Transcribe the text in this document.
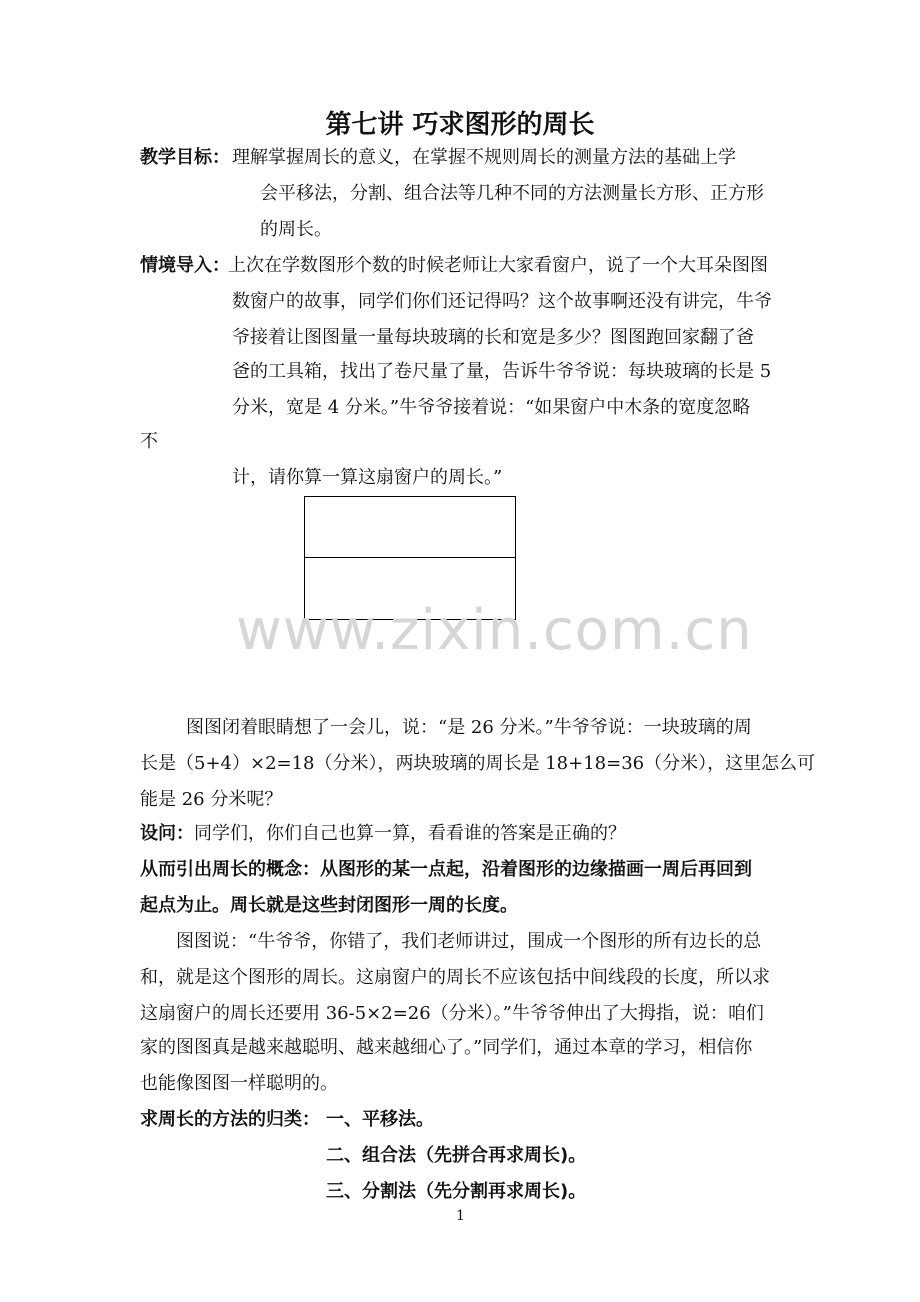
第七讲 巧求图形的周长
教学目标： 理解掌握周长的意义，在掌握不规则周长的测量方法的基础上学
会平移法，分割、组合法等几种不同的方法测量长方形、正方形
的周长。
情境导入：
上次在学数图形个数的时候老师让大家看窗户，说了一个大耳朵图图
数窗户的故事，同学们你们还记得吗？这个故事啊还没有讲完，牛爷
爷接着让图图量一量每块玻璃的长和宽是多少？图图跑回家翻了爸
爸的工具箱，找出了卷尺量了量，告诉牛爷爷说：每块玻璃的长是 5
分米，宽是 4 分米。”牛爷爷接着说：“如果窗户中木条的宽度忽略
不
计，请你算一算这扇窗户的周长。”
www.zixin.com.cn
图图闭着眼睛想了一会儿，说：“是 26 分米。”牛爷爷说：一块玻璃的周
长是（5+4）×2=18（分米），两块玻璃的周长是 18+18=36（分米），这里怎么可
能是 26 分米呢？
设问： 同学们，你们自己也算一算，看看谁的答案是正确的？
从而引出周长的概念：从图形的某一点起，沿着图形的边缘描画一周后再回到
起点为止。周长就是这些封闭图形一周的长度。
图图说：“牛爷爷，你错了，我们老师讲过，围成一个图形的所有边长的总
和，就是这个图形的周长。这扇窗户的周长不应该包括中间线段的长度，所以求
这扇窗户的周长还要用 36-5×2=26（分米）。”牛爷爷伸出了大拇指，说：咱们
家的图图真是越来越聪明、越来越细心了。”同学们，通过本章的学习，相信你
也能像图图一样聪明的。
求周长的方法的归类： 一、平移法。
二、组合法（先拼合再求周长)。
三、分割法（先分割再求周长)。
1
